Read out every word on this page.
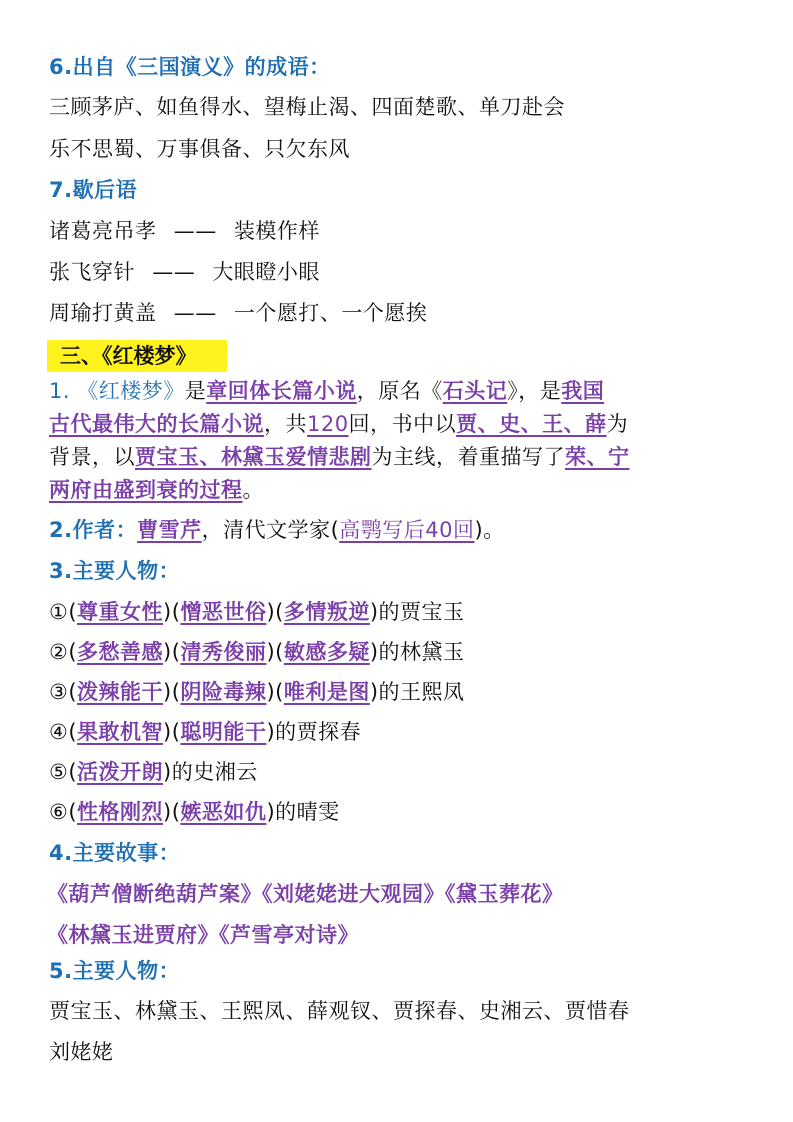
6.出自《三国演义》的成语：
三顾茅庐、如鱼得水、望梅止渴、四面楚歌、单刀赴会
乐不思蜀、万事俱备、只欠东风
7.歇后语
诸葛亮吊孝 —— 装模作样
张飞穿针 —— 大眼瞪小眼
周瑜打黄盖 —— 一个愿打、一个愿挨
三、《红楼梦》
1. 《红楼梦》是章回体长篇小说，原名《石头记》，是我国
古代最伟大的长篇小说，共120回，书中以贾、史、王、薛为
背景，以贾宝玉、林黛玉爱情悲剧为主线，着重描写了荣、宁
两府由盛到衰的过程。
2.作者：曹雪芹，清代文学家(高鹗写后40回)。
3.主要人物：
①(尊重女性)(憎恶世俗)(多情叛逆)的贾宝玉
②(多愁善感)(清秀俊丽)(敏感多疑)的林黛玉
③(泼辣能干)(阴险毒辣)(唯利是图)的王熙凤
④(果敢机智)(聪明能干)的贾探春
⑤(活泼开朗)的史湘云
⑥(性格刚烈)(嫉恶如仇)的晴雯
4.主要故事：
《葫芦僧断绝葫芦案》《刘姥姥进大观园》《黛玉葬花》
《林黛玉进贾府》《芦雪亭对诗》
5.主要人物：
贾宝玉、林黛玉、王熙凤、薛观钗、贾探春、史湘云、贾惜春
刘姥姥
